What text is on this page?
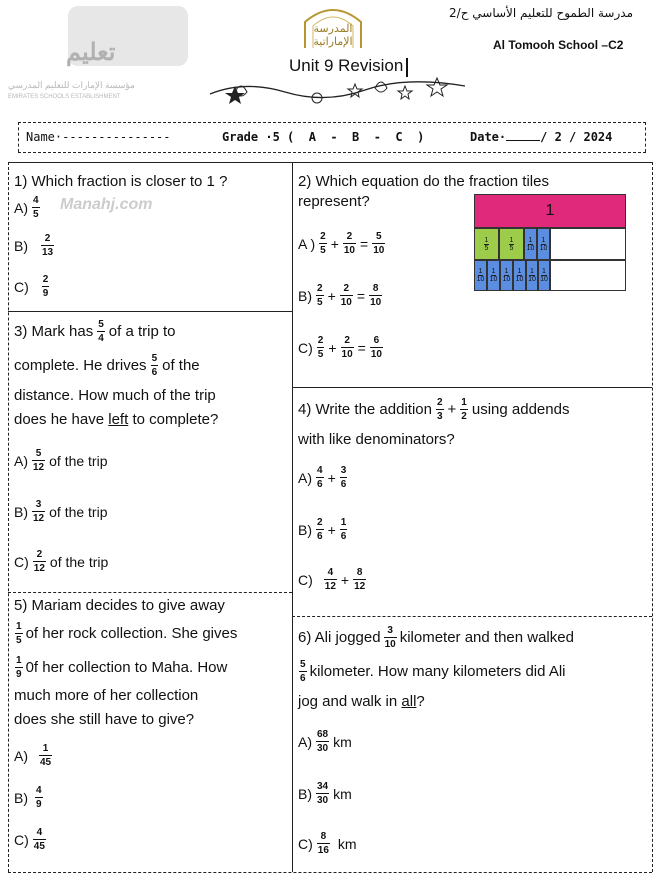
تعليم
مؤسسة الإمارات للتعليم المدرسي
EMIRATES SCHOOLS ESTABLISHMENT
Manahj.com
المدرسة الإماراتية
مدرسة الطموح للتعليم الأساسي ح/2
Al Tomooh School –C2
Unit 9 Revision
Name·---------------	Grade ·5 (  A  -  B  -  C  )	Date·	/ 2 / 2024
1) Which fraction is closer to 1 ?
$A) \frac{4}{5}$
$B) \frac{2}{13}$
$C) \frac{2}{9}$
2) Which equation do the fraction tiles
represent?
1
1
5
1
5
1
10
1
10
1
10
1
10
1
10
1
10
1
10
1
10
A ) $\frac{2}{5} + \frac{2}{10} = \frac{5}{10}$
$B) \frac{2}{5} + \frac{2}{10} = \frac{8}{10}$
$C) \frac{2}{5} + \frac{2}{10} = \frac{6}{10}$
3) Mark has $\frac{5}{4}$ of a trip to
complete. He drives $\frac{5}{6}$ of the
distance. How much of the trip
does he have left to complete?
$A) \frac{5}{12}$ of the trip
$B) \frac{3}{12}$ of the trip
$C) \frac{2}{12}$ of the trip
4) Write the addition $\frac{2}{3} + \frac{1}{2}$ using addends
with like denominators?
$A) \frac{4}{6} + \frac{3}{6}$
$B) \frac{2}{6} + \frac{1}{6}$
$C) \frac{4}{12} + \frac{8}{12}$
5) Mariam decides to give away
$\frac{1}{5}$ of her rock collection. She gives
$\frac{1}{9} 0f$ her collection to Maha. How
much more of her collection
does she still have to give?
$A) \frac{1}{45}$
$B) \frac{4}{9}$
$C) \frac{4}{45}$
6) Ali jogged $\frac{3}{10}$ kilometer and then walked
$\frac{5}{6}$ kilometer. How many kilometers did Ali
jog and walk in all?
$A) \frac{68}{30}$ km
$B) \frac{34}{30}$ km
$C) \frac{8}{16}$ km
